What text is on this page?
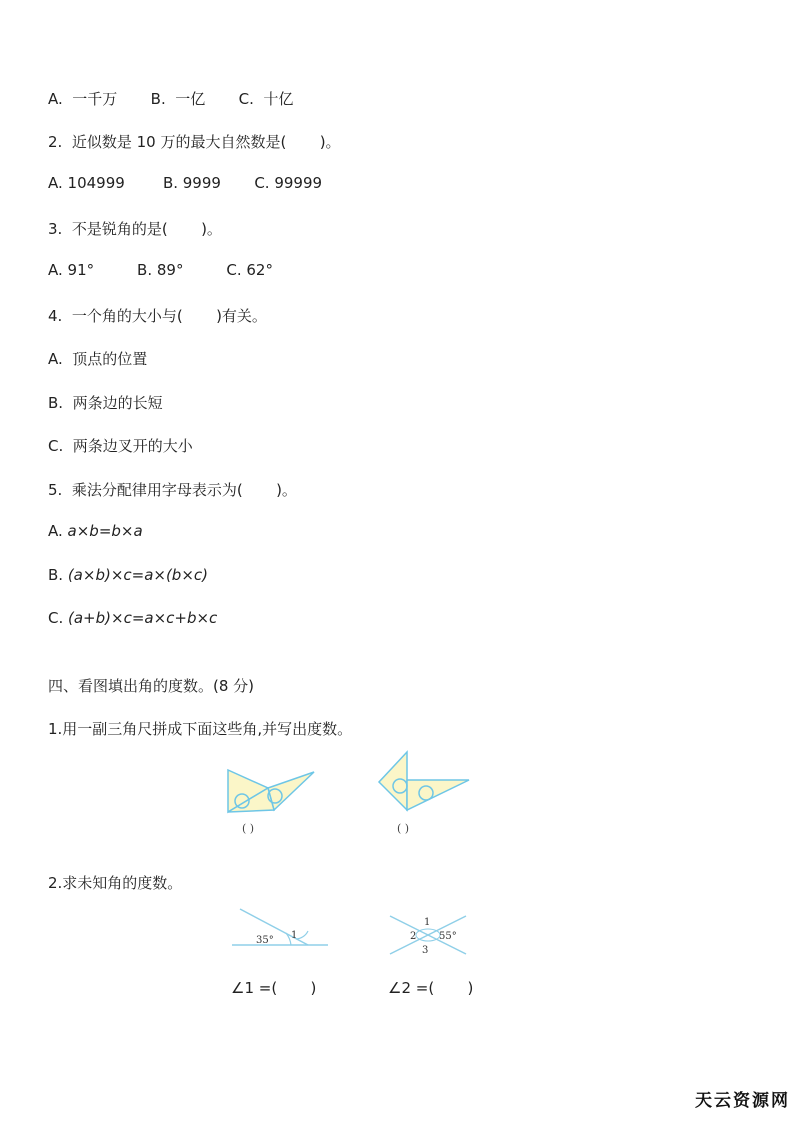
A.  一千万       B.  一亿       C.  十亿
2.  近似数是 10 万的最大自然数是(       )。
A. 104999        B. 9999       C. 99999
3.  不是锐角的是(       )。
A. 91°         B. 89°         C. 62°
4.  一个角的大小与(       )有关。
A.  顶点的位置
B.  两条边的长短
C.  两条边叉开的大小
5.  乘法分配律用字母表示为(       )。
A. a×b=b×a
B. (a×b)×c=a×(b×c)
C. (a+b)×c=a×c+b×c
四、看图填出角的度数。(8 分)
1.用一副三角尺拼成下面这些角,并写出度数。
( )	( )
2.求未知角的度数。
35° 1
1
2 55°
3
∠1 =(       )	∠2 =(       )
天云资源网
